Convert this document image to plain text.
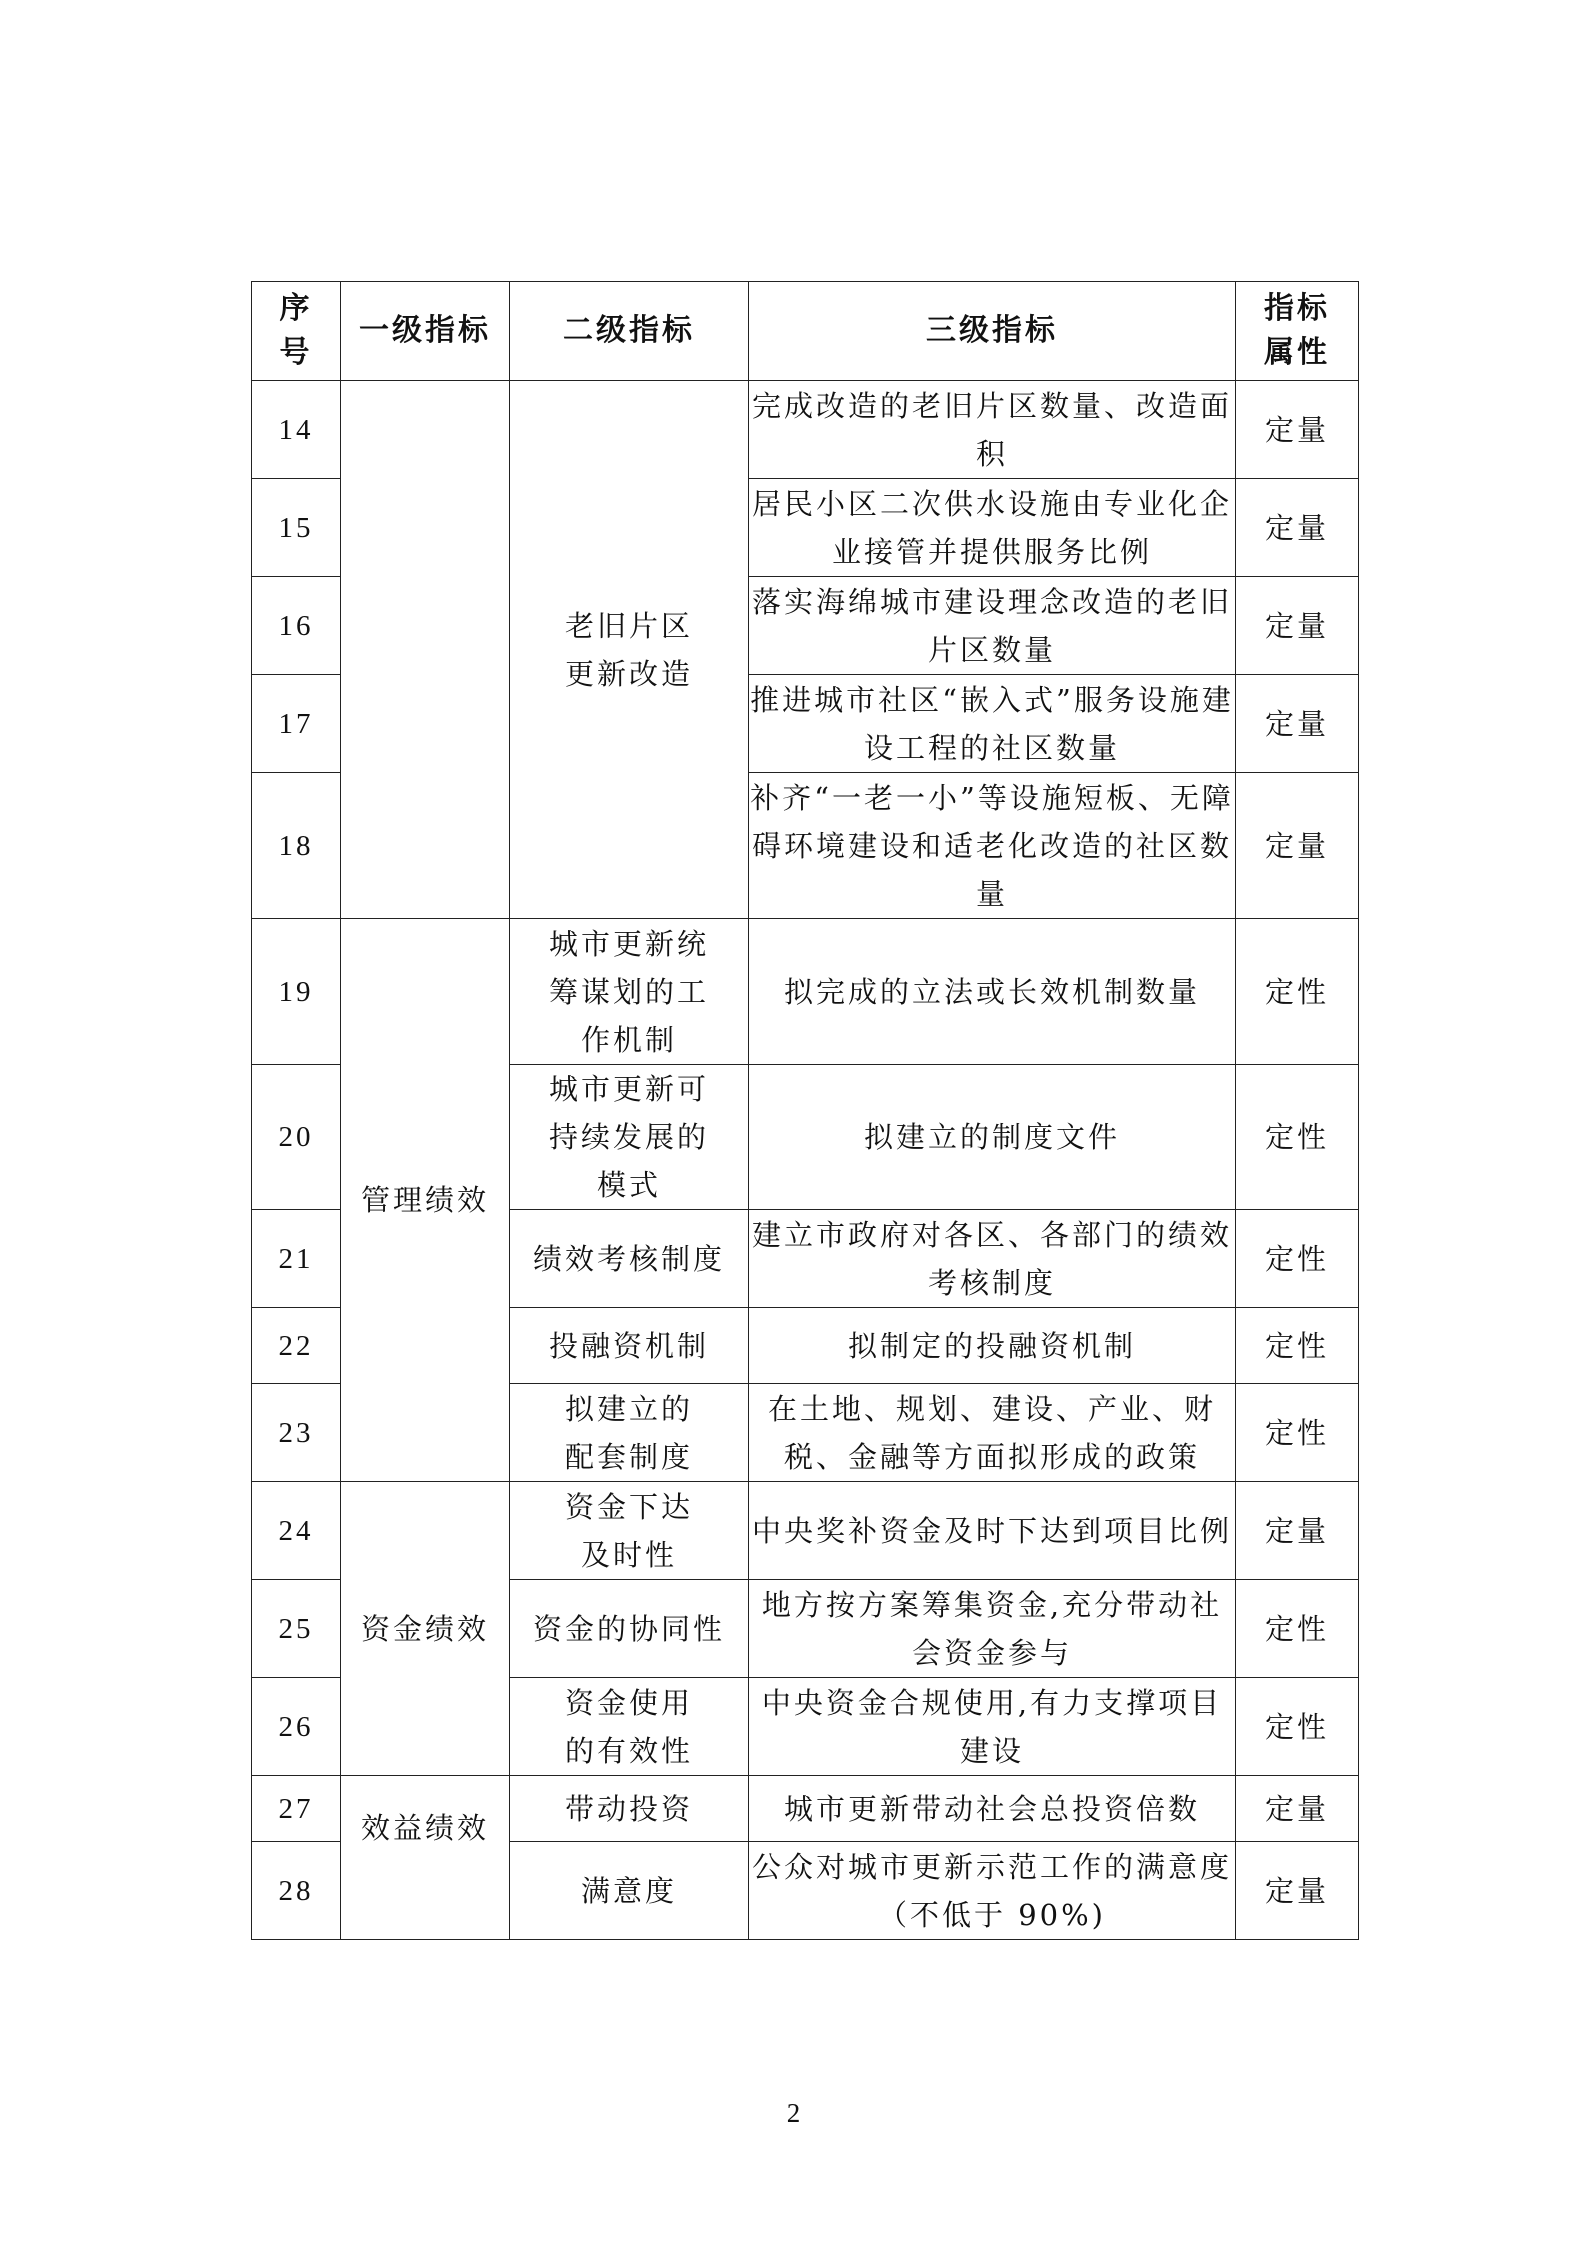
序号	一级指标	二级指标	三级指标	指标属性

14		老旧片区更新改造	完成改造的老旧片区数量、改造面积	定量
15			居民小区二次供水设施由专业化企业接管并提供服务比例	定量
16			落实海绵城市建设理念改造的老旧片区数量	定量
17			推进城市社区“嵌入式”服务设施建设工程的社区数量	定量
18			补齐“一老一小”等设施短板、无障碍环境建设和适老化改造的社区数量	定量
19	管理绩效	城市更新统筹谋划的工作机制	拟完成的立法或长效机制数量	定性
20		城市更新可持续发展的模式	拟建立的制度文件	定性
21		绩效考核制度	建立市政府对各区、各部门的绩效考核制度	定性
22		投融资机制	拟制定的投融资机制	定性
23		拟建立的配套制度	在土地、规划、建设、产业、财税、金融等方面拟形成的政策	定性
24	资金绩效	资金下达及时性	中央奖补资金及时下达到项目比例	定量
25		资金的协同性	地方按方案筹集资金,充分带动社会资金参与	定性
26		资金使用的有效性	中央资金合规使用,有力支撑项目建设	定性
27	效益绩效	带动投资	城市更新带动社会总投资倍数	定量
28		满意度	公众对城市更新示范工作的满意度（不低于 90%)	定量
2
